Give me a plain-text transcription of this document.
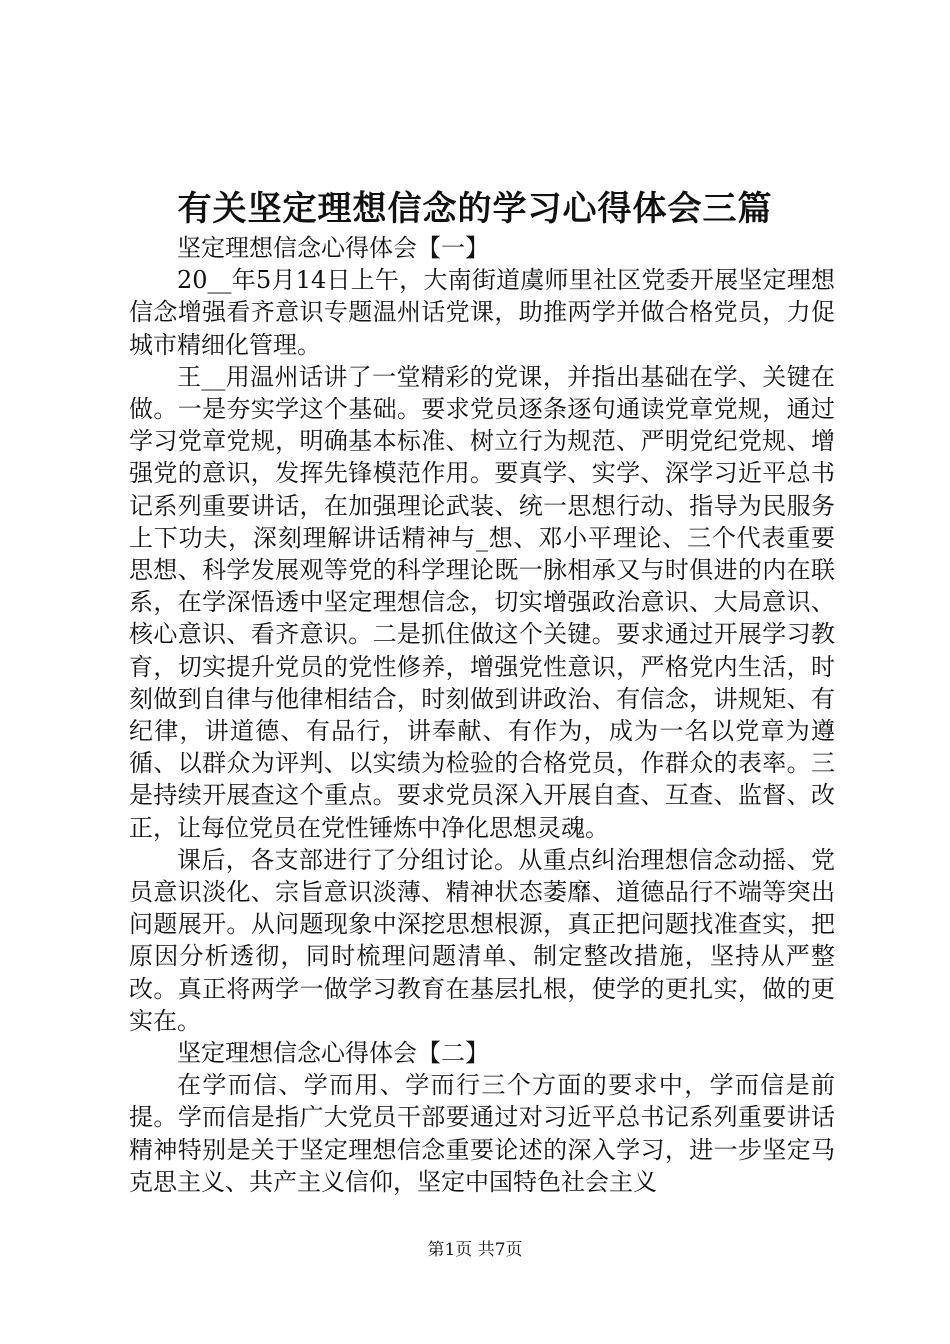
有关坚定理想信念的学习心得体会三篇

坚定理想信念心得体会【一】

20__年5月14日上午，大南街道虞师里社区党委开展坚定理想信念增强看齐意识专题温州话党课，助推两学并做合格党员，力促城市精细化管理。

王__用温州话讲了一堂精彩的党课，并指出基础在学、关键在做。一是夯实学这个基础。要求党员逐条逐句通读党章党规，通过学习党章党规，明确基本标准、树立行为规范、严明党纪党规、增强党的意识，发挥先锋模范作用。要真学、实学、深学习近平总书记系列重要讲话，在加强理论武装、统一思想行动、指导为民服务上下功夫，深刻理解讲话精神与_想、邓小平理论、三个代表重要思想、科学发展观等党的科学理论既一脉相承又与时俱进的内在联系，在学深悟透中坚定理想信念，切实增强政治意识、大局意识、核心意识、看齐意识。二是抓住做这个关键。要求通过开展学习教育，切实提升党员的党性修养，增强党性意识，严格党内生活，时刻做到自律与他律相结合，时刻做到讲政治、有信念，讲规矩、有纪律，讲道德、有品行，讲奉献、有作为，成为一名以党章为遵循、以群众为评判、以实绩为检验的合格党员，作群众的表率。三是持续开展查这个重点。要求党员深入开展自查、互查、监督、改正，让每位党员在党性锤炼中净化思想灵魂。

课后，各支部进行了分组讨论。从重点纠治理想信念动摇、党员意识淡化、宗旨意识淡薄、精神状态萎靡、道德品行不端等突出问题展开。从问题现象中深挖思想根源，真正把问题找准查实，把原因分析透彻，同时梳理问题清单、制定整改措施，坚持从严整改。真正将两学一做学习教育在基层扎根，使学的更扎实，做的更实在。

坚定理想信念心得体会【二】

在学而信、学而用、学而行三个方面的要求中，学而信是前提。学而信是指广大党员干部要通过对习近平总书记系列重要讲话精神特别是关于坚定理想信念重要论述的深入学习，进一步坚定马克思主义、共产主义信仰，坚定中国特色社会主义

第1页 共7页
